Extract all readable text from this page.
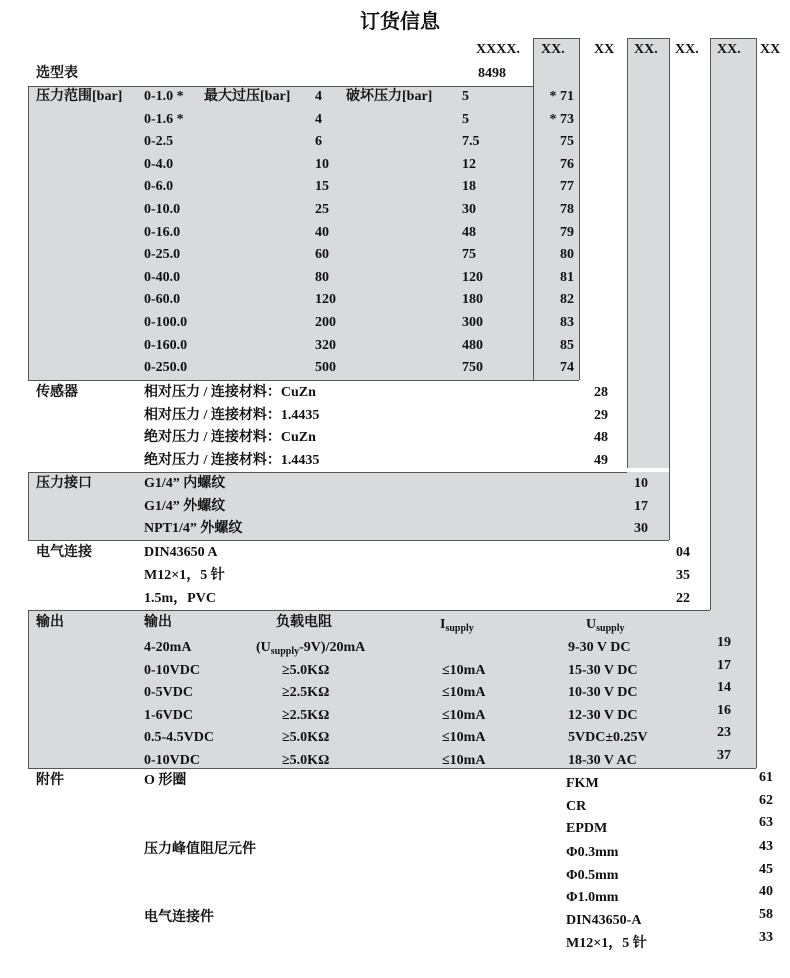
订货信息
XXXX. XX. XX XX. XX. XX. XX
选型表	8498
压力范围[bar]	最大过压[bar]	破坏压力[bar]
0-1.0 *	4	5	* 71
0-1.6 *	4	5	* 73
0-2.5	6	7.5	75
0-4.0	10	12	76
0-6.0	15	18	77
0-10.0	25	30	78
0-16.0	40	48	79
0-25.0	60	75	80
0-40.0	80	120	81
0-60.0	120	180	82
0-100.0	200	300	83
0-160.0	320	480	85
0-250.0	500	750	74
传感器	相对压力 / 连接材料：CuZn	28
相对压力 / 连接材料：1.4435	29
绝对压力 / 连接材料：CuZn	48
绝对压力 / 连接材料：1.4435	49
压力接口	G1/4” 内螺纹	10
G1/4” 外螺纹	17
NPT1/4” 外螺纹	30
电气连接	DIN43650 A	04
M12×1，5 针	35
1.5m，PVC	22
输出	输出	负载电阻	$I_{supply}$	$U_{supply}$
4-20mA	$(U_{supply}-9V)/20mA$	9-30 V DC	19
0-10VDC	≥5.0KΩ	≤10mA	15-30 V DC	17
0-5VDC	≥2.5KΩ	≤10mA	10-30 V DC	14
1-6VDC	≥2.5KΩ	≤10mA	12-30 V DC	16
0.5-4.5VDC	≥5.0KΩ	≤10mA	5VDC±0.25V	23
0-10VDC	≥5.0KΩ	≤10mA	18-30 V AC	37
附件	O 形圈	FKM	61
CR	62
EPDM	63
压力峰值阻尼元件	Φ0.3mm	43
Φ0.5mm	45
Φ1.0mm	40
电气连接件	DIN43650-A	58
M12×1，5 针	33
